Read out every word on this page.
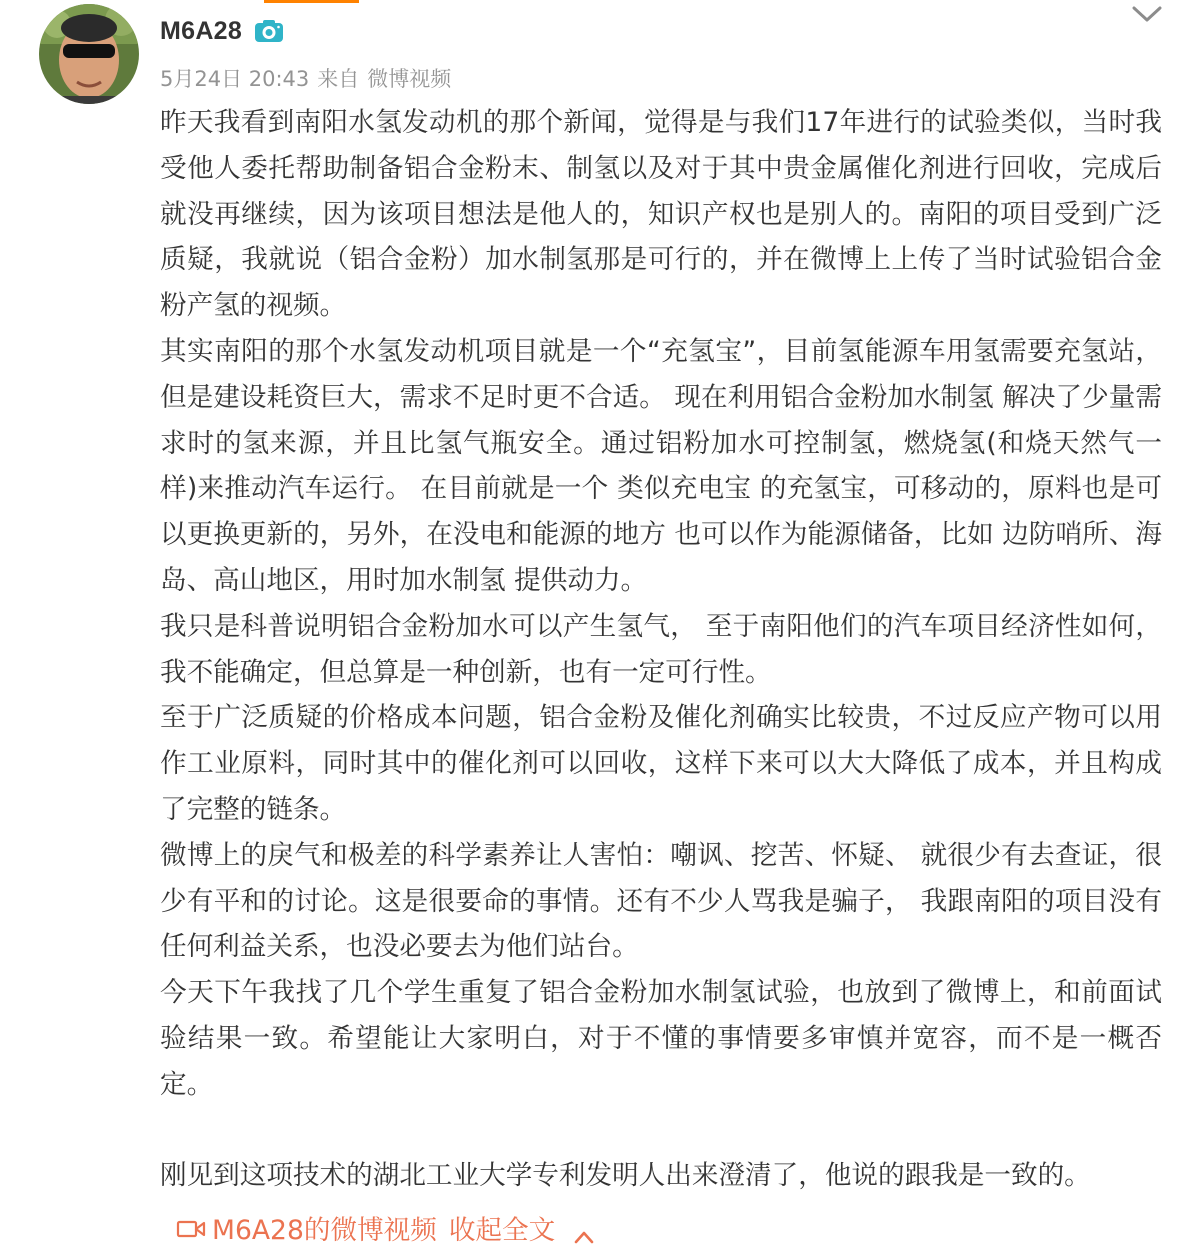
M6A28
5月24日 20:43 来自 微博视频

昨天我看到南阳水氢发动机的那个新闻，觉得是与我们17年进行的试验类似，当时我受他人委托帮助制备铝合金粉末、制氢以及对于其中贵金属催化剂进行回收，完成后就没再继续，因为该项目想法是他人的，知识产权也是别人的。南阳的项目受到广泛质疑，我就说（铝合金粉）加水制氢那是可行的，并在微博上上传了当时试验铝合金粉产氢的视频。

其实南阳的那个水氢发动机项目就是一个“充氢宝”，目前氢能源车用氢需要充氢站，但是建设耗资巨大，需求不足时更不合适。 现在利用铝合金粉加水制氢 解决了少量需求时的氢来源，并且比氢气瓶安全。通过铝粉加水可控制氢，燃烧氢(和烧天然气一样)来推动汽车运行。 在目前就是一个 类似充电宝 的充氢宝，可移动的，原料也是可以更换更新的，另外，在没电和能源的地方 也可以作为能源储备，比如 边防哨所、海岛、高山地区，用时加水制氢 提供动力。

我只是科普说明铝合金粉加水可以产生氢气， 至于南阳他们的汽车项目经济性如何，我不能确定，但总算是一种创新，也有一定可行性。

至于广泛质疑的价格成本问题，铝合金粉及催化剂确实比较贵，不过反应产物可以用作工业原料，同时其中的催化剂可以回收，这样下来可以大大降低了成本，并且构成了完整的链条。

微博上的戾气和极差的科学素养让人害怕：嘲讽、挖苦、怀疑、 就很少有去查证，很少有平和的讨论。这是很要命的事情。还有不少人骂我是骗子， 我跟南阳的项目没有任何利益关系，也没必要去为他们站台。

今天下午我找了几个学生重复了铝合金粉加水制氢试验，也放到了微博上，和前面试验结果一致。希望能让大家明白，对于不懂的事情要多审慎并宽容，而不是一概否定。

刚见到这项技术的湖北工业大学专利发明人出来澄清了，他说的跟我是一致的。

M6A28的微博视频 收起全文
